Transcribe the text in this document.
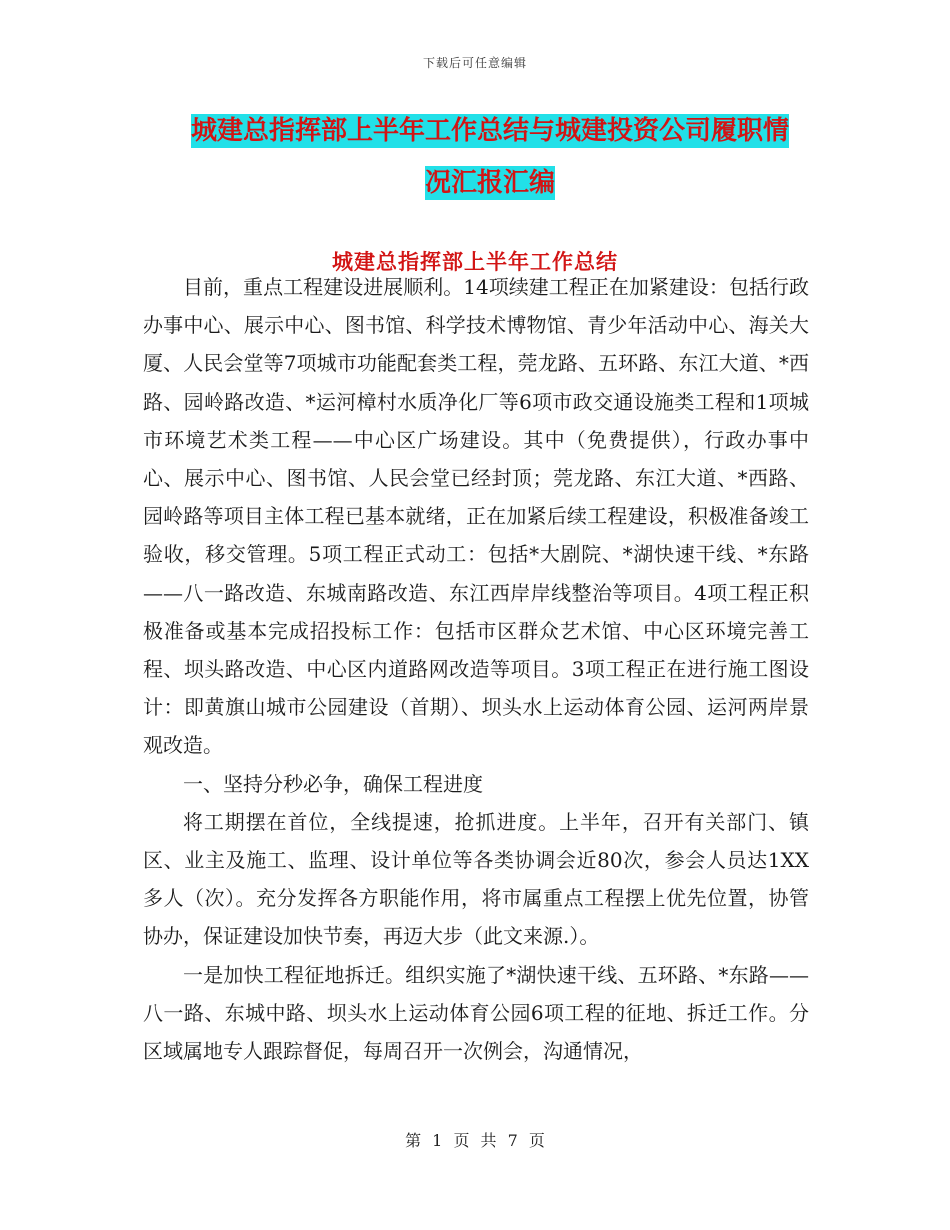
下载后可任意编辑
城建总指挥部上半年工作总结与城建投资公司履职情
况汇报汇编
城建总指挥部上半年工作总结

目前，重点工程建设进展顺利。14项续建工程正在加紧建设：包括行政办事中心、展示中心、图书馆、科学技术博物馆、青少年活动中心、海关大厦、人民会堂等7项城市功能配套类工程，莞龙路、五环路、东江大道、*西路、园岭路改造、*运河樟村水质净化厂等6项市政交通设施类工程和1项城市环境艺术类工程——中心区广场建设。其中（免费提供），行政办事中心、展示中心、图书馆、人民会堂已经封顶；莞龙路、东江大道、*西路、园岭路等项目主体工程已基本就绪，正在加紧后续工程建设，积极准备竣工验收，移交管理。5项工程正式动工：包括*大剧院、*湖快速干线、*东路——八一路改造、东城南路改造、东江西岸岸线整治等项目。4项工程正积极准备或基本完成招投标工作：包括市区群众艺术馆、中心区环境完善工程、坝头路改造、中心区内道路网改造等项目。3项工程正在进行施工图设计：即黄旗山城市公园建设（首期）、坝头水上运动体育公园、运河两岸景观改造。

一、坚持分秒必争，确保工程进度

将工期摆在首位，全线提速，抢抓进度。上半年，召开有关部门、镇区、业主及施工、监理、设计单位等各类协调会近80次，参会人员达1XX多人（次）。充分发挥各方职能作用，将市属重点工程摆上优先位置，协管协办，保证建设加快节奏，再迈大步（此文来源.）。

一是加快工程征地拆迁。组织实施了*湖快速干线、五环路、*东路——八一路、东城中路、坝头水上运动体育公园6项工程的征地、拆迁工作。分区域属地专人跟踪督促，每周召开一次例会，沟通情况，

第 1 页 共 7 页
